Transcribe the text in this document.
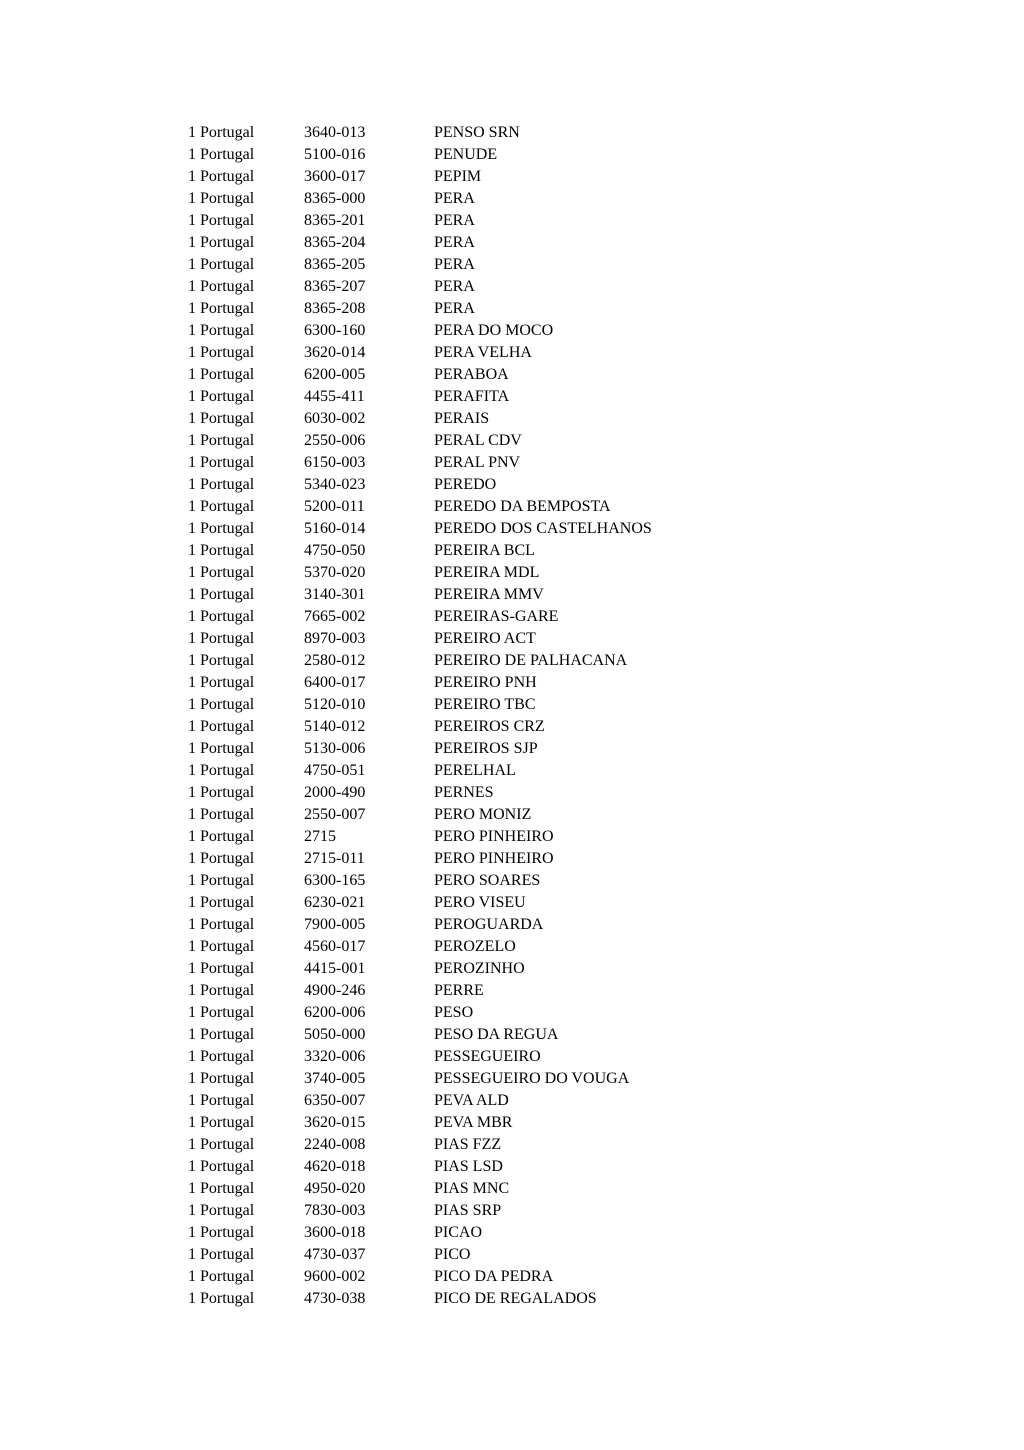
1 Portugal	3640-013	PENSO SRN
1 Portugal	5100-016	PENUDE
1 Portugal	3600-017	PEPIM
1 Portugal	8365-000	PERA
1 Portugal	8365-201	PERA
1 Portugal	8365-204	PERA
1 Portugal	8365-205	PERA
1 Portugal	8365-207	PERA
1 Portugal	8365-208	PERA
1 Portugal	6300-160	PERA DO MOCO
1 Portugal	3620-014	PERA VELHA
1 Portugal	6200-005	PERABOA
1 Portugal	4455-411	PERAFITA
1 Portugal	6030-002	PERAIS
1 Portugal	2550-006	PERAL CDV
1 Portugal	6150-003	PERAL PNV
1 Portugal	5340-023	PEREDO
1 Portugal	5200-011	PEREDO DA BEMPOSTA
1 Portugal	5160-014	PEREDO DOS CASTELHANOS
1 Portugal	4750-050	PEREIRA BCL
1 Portugal	5370-020	PEREIRA MDL
1 Portugal	3140-301	PEREIRA MMV
1 Portugal	7665-002	PEREIRAS-GARE
1 Portugal	8970-003	PEREIRO ACT
1 Portugal	2580-012	PEREIRO DE PALHACANA
1 Portugal	6400-017	PEREIRO PNH
1 Portugal	5120-010	PEREIRO TBC
1 Portugal	5140-012	PEREIROS CRZ
1 Portugal	5130-006	PEREIROS SJP
1 Portugal	4750-051	PERELHAL
1 Portugal	2000-490	PERNES
1 Portugal	2550-007	PERO MONIZ
1 Portugal	2715	PERO PINHEIRO
1 Portugal	2715-011	PERO PINHEIRO
1 Portugal	6300-165	PERO SOARES
1 Portugal	6230-021	PERO VISEU
1 Portugal	7900-005	PEROGUARDA
1 Portugal	4560-017	PEROZELO
1 Portugal	4415-001	PEROZINHO
1 Portugal	4900-246	PERRE
1 Portugal	6200-006	PESO
1 Portugal	5050-000	PESO DA REGUA
1 Portugal	3320-006	PESSEGUEIRO
1 Portugal	3740-005	PESSEGUEIRO DO VOUGA
1 Portugal	6350-007	PEVA ALD
1 Portugal	3620-015	PEVA MBR
1 Portugal	2240-008	PIAS FZZ
1 Portugal	4620-018	PIAS LSD
1 Portugal	4950-020	PIAS MNC
1 Portugal	7830-003	PIAS SRP
1 Portugal	3600-018	PICAO
1 Portugal	4730-037	PICO
1 Portugal	9600-002	PICO DA PEDRA
1 Portugal	4730-038	PICO DE REGALADOS
